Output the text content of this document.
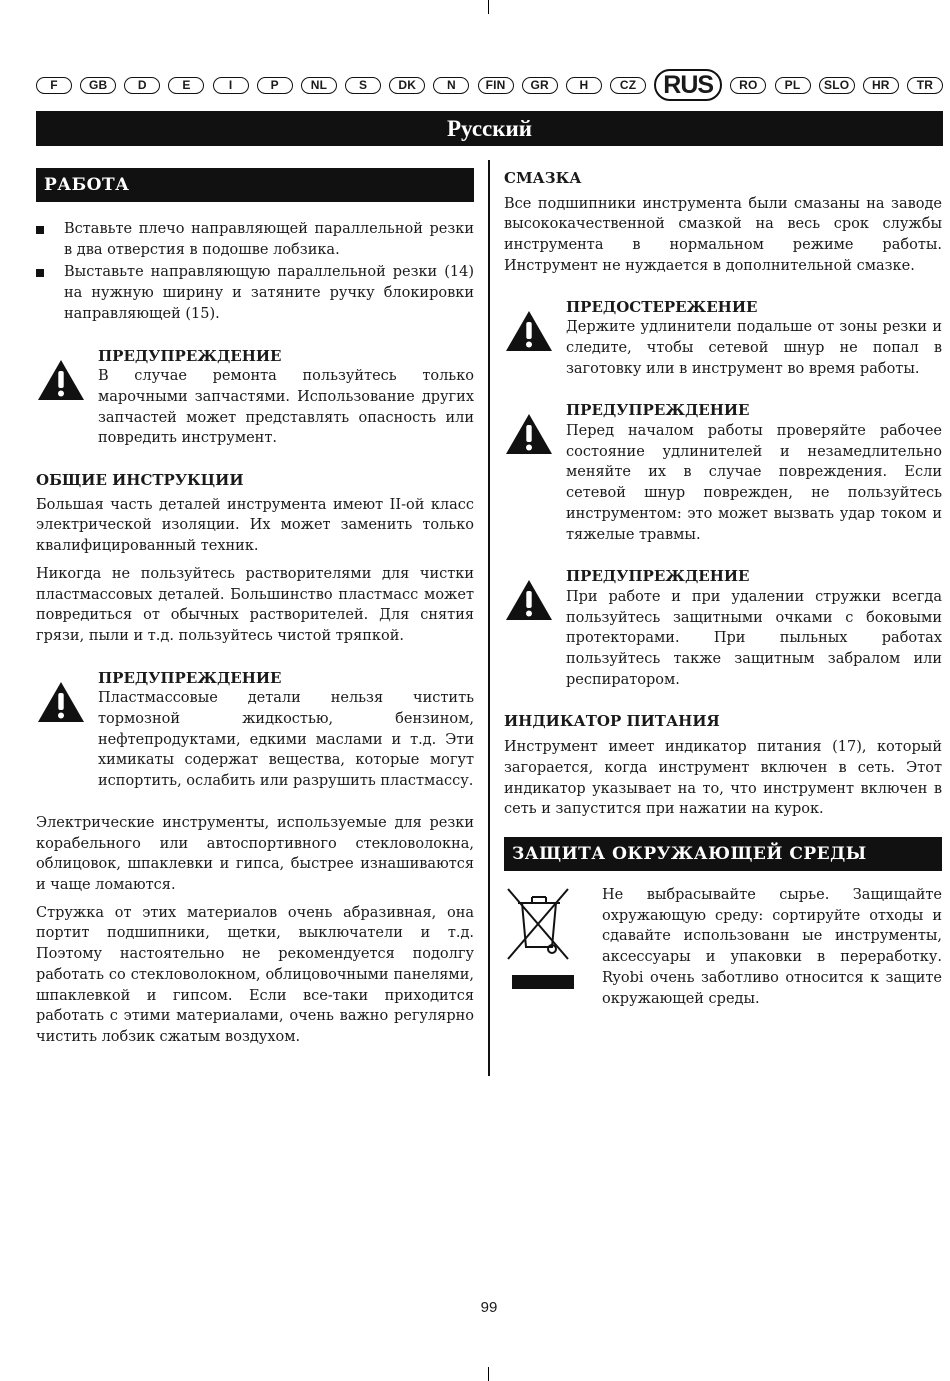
F	GB	D	E	I	P	NL	S	DK	N	FIN	GR	H	CZ	RUS	RO	PL	SLO	HR	TR
Русский
РАБОТА
Вставьте плечо направляющей параллельной резки в два отверстия в подошве лобзика.
Выставьте направляющую параллельной резки (14) на нужную ширину и затяните ручку блокировки направляющей (15).
ПРЕДУПРЕЖДЕНИЕ

В случае ремонта пользуйтесь только марочными запчастями. Использование других запчастей может представлять опасность или повредить инструмент.

ОБЩИЕ ИНСТРУКЦИИ

Большая часть деталей инструмента имеют II-ой класс электрической изоляции. Их может заменить только квалифицированный техник.

Никогда не пользуйтесь растворителями для чистки пластмассовых деталей. Большинство пластмасс может повредиться от обычных растворителей. Для снятия грязи, пыли и т.д. пользуйтесь чистой тряпкой.

ПРЕДУПРЕЖДЕНИЕ

Пластмассовые детали нельзя чистить тормозной жидкостью, бензином, нефтепродуктами, едкими маслами и т.д. Эти химикаты содержат вещества, которые могут испортить, ослабить или разрушить пластмассу.

Электрические инструменты, используемые для резки корабельного или автоспортивного стекловолокна, облицовок, шпаклевки и гипса, быстрее изнашиваются и чаще ломаются.

Стружка от этих материалов очень абразивная, она портит подшипники, щетки, выключатели и т.д. Поэтому настоятельно не рекомендуется подолгу работать со стекловолокном, облицовочными панелями, шпаклевкой и гипсом. Если все-таки приходится работать с этими материалами, очень важно регулярно чистить лобзик сжатым воздухом.

СМАЗКА

Все подшипники инструмента были смазаны на заводе высококачественной смазкой на весь срок службы инструмента в нормальном режиме работы. Инструмент не нуждается в дополнительной смазке.

ПРЕДОСТЕРЕЖЕНИЕ

Держите удлинители подальше от зоны резки и следите, чтобы сетевой шнур не попал в заготовку или в инструмент во время работы.

ПРЕДУПРЕЖДЕНИЕ

Перед началом работы проверяйте рабочее состояние удлинителей и незамедлительно меняйте их в случае повреждения. Если сетевой шнур поврежден, не пользуйтесь инструментом: это может вызвать удар током и тяжелые травмы.

ПРЕДУПРЕЖДЕНИЕ

При работе и при удалении стружки всегда пользуйтесь защитными очками с боковыми протекторами. При пыльных работах пользуйтесь также защитным забралом или респиратором.

ИНДИКАТОР ПИТАНИЯ

Инструмент имеет индикатор питания (17), который загорается, когда инструмент включен в сеть. Этот индикатор указывает на то, что инструмент включен в сеть и запустится при нажатии на курок.

ЗАЩИТА ОКРУЖАЮЩЕЙ СРЕДЫ

Не выбрасывайте сырье. Защищайте охружающую среду: сортируйте отходы и сдавайте использованн ые инструменты, аксессуары и упаковки в переработку. Ryobi очень заботливо относится к защите окружающей среды.

99
